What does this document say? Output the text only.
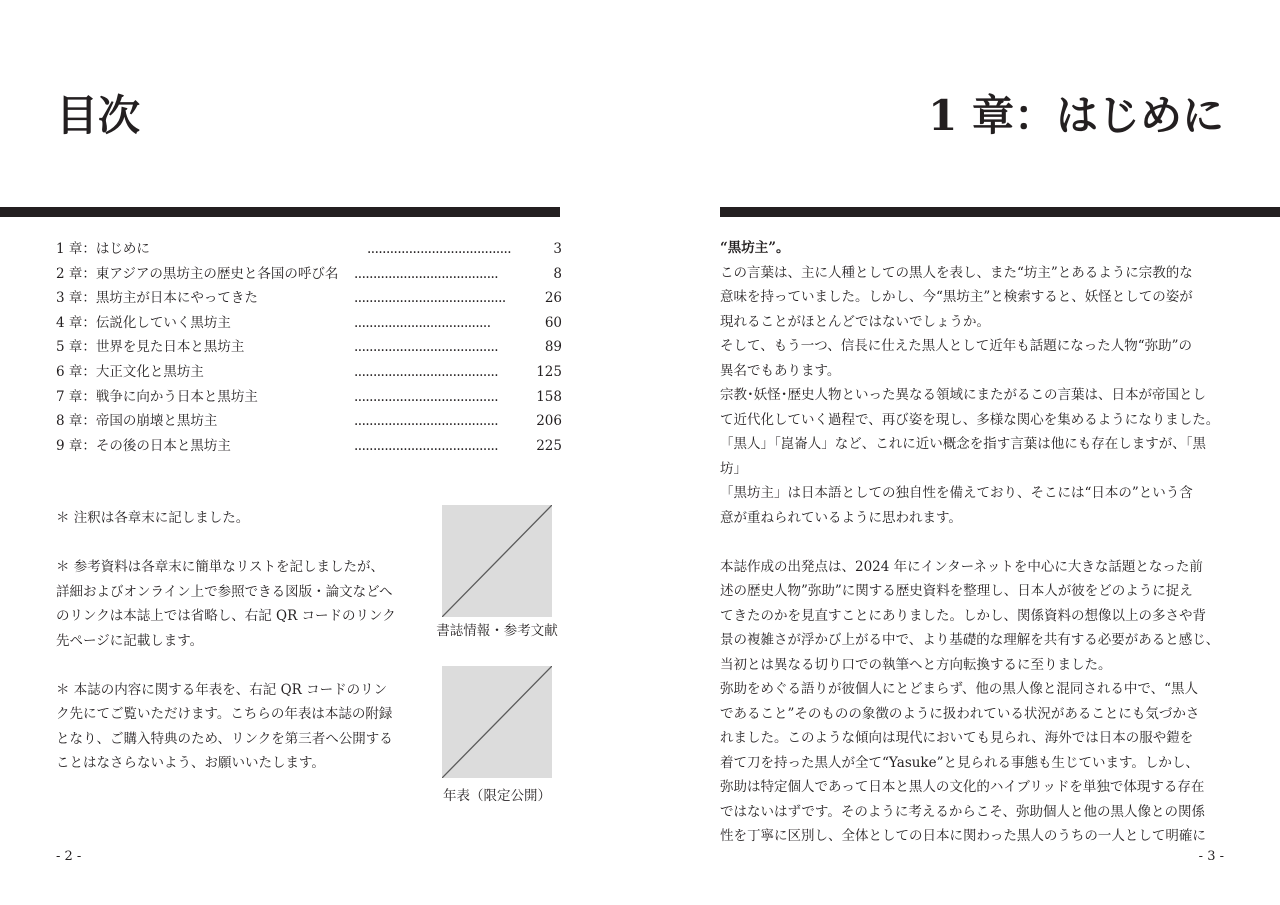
目次
1 章：はじめに	......................................	3
2 章：東アジアの黒坊主の歴史と各国の呼び名 ......................................	8
3 章：黒坊主が日本にやってきた	........................................	26
4 章：伝説化していく黒坊主	....................................	60
5 章：世界を見た日本と黒坊主	......................................	89
6 章：大正文化と黒坊主	......................................	125
7 章：戦争に向かう日本と黒坊主	......................................	158
8 章：帝国の崩壊と黒坊主	......................................	206
9 章：その後の日本と黒坊主	......................................	225

＊ 注釈は各章末に記しました。

＊ 参考資料は各章末に簡単なリストを記しましたが、
詳細およびオンライン上で参照できる図版・論文などへ
のリンクは本誌上では省略し、右記 QR コードのリンク
先ページに記載します。

＊ 本誌の内容に関する年表を、右記 QR コードのリン
ク先にてご覧いただけます。こちらの年表は本誌の附録
となり、ご購入特典のため、リンクを第三者へ公開する
ことはなさらないよう、お願いいたします。

書誌情報・参考文献
年表（限定公開）
- 2 -
1 章：はじめに

“黒坊主”。

この言葉は、主に人種としての黒人を表し、また“坊主”とあるように宗教的な
意味を持っていました。しかし、今“黒坊主”と検索すると、妖怪としての姿が
現れることがほとんどではないでしょうか。

そして、もう一つ、信長に仕えた黒人として近年も話題になった人物“弥助”の
異名でもあります。

宗教･妖怪･歴史人物といった異なる領域にまたがるこの言葉は、日本が帝国とし
て近代化していく過程で、再び姿を現し、多様な関心を集めるようになりました。
「黒人」「崑崙人」など、これに近い概念を指す言葉は他にも存在しますが、「黒坊」
「黒坊主」は日本語としての独自性を備えており、そこには“日本の”という含
意が重ねられているように思われます。

本誌作成の出発点は、2024 年にインターネットを中心に大きな話題となった前
述の歴史人物”弥助”に関する歴史資料を整理し、日本人が彼をどのように捉え
てきたのかを見直すことにありました。しかし、関係資料の想像以上の多さや背
景の複雑さが浮かび上がる中で、より基礎的な理解を共有する必要があると感じ、
当初とは異なる切り口での執筆へと方向転換するに至りました。

弥助をめぐる語りが彼個人にとどまらず、他の黒人像と混同される中で、“黒人
であること”そのものの象徴のように扱われている状況があることにも気づかさ
れました。このような傾向は現代においても見られ、海外では日本の服や鎧を
着て刀を持った黒人が全て“Yasuke”と見られる事態も生じています。しかし、
弥助は特定個人であって日本と黒人の文化的ハイブリッドを単独で体現する存在
ではないはずです。そのように考えるからこそ、弥助個人と他の黒人像との関係
性を丁寧に区別し、全体としての日本に関わった黒人のうちの一人として明確に

- 3 -
